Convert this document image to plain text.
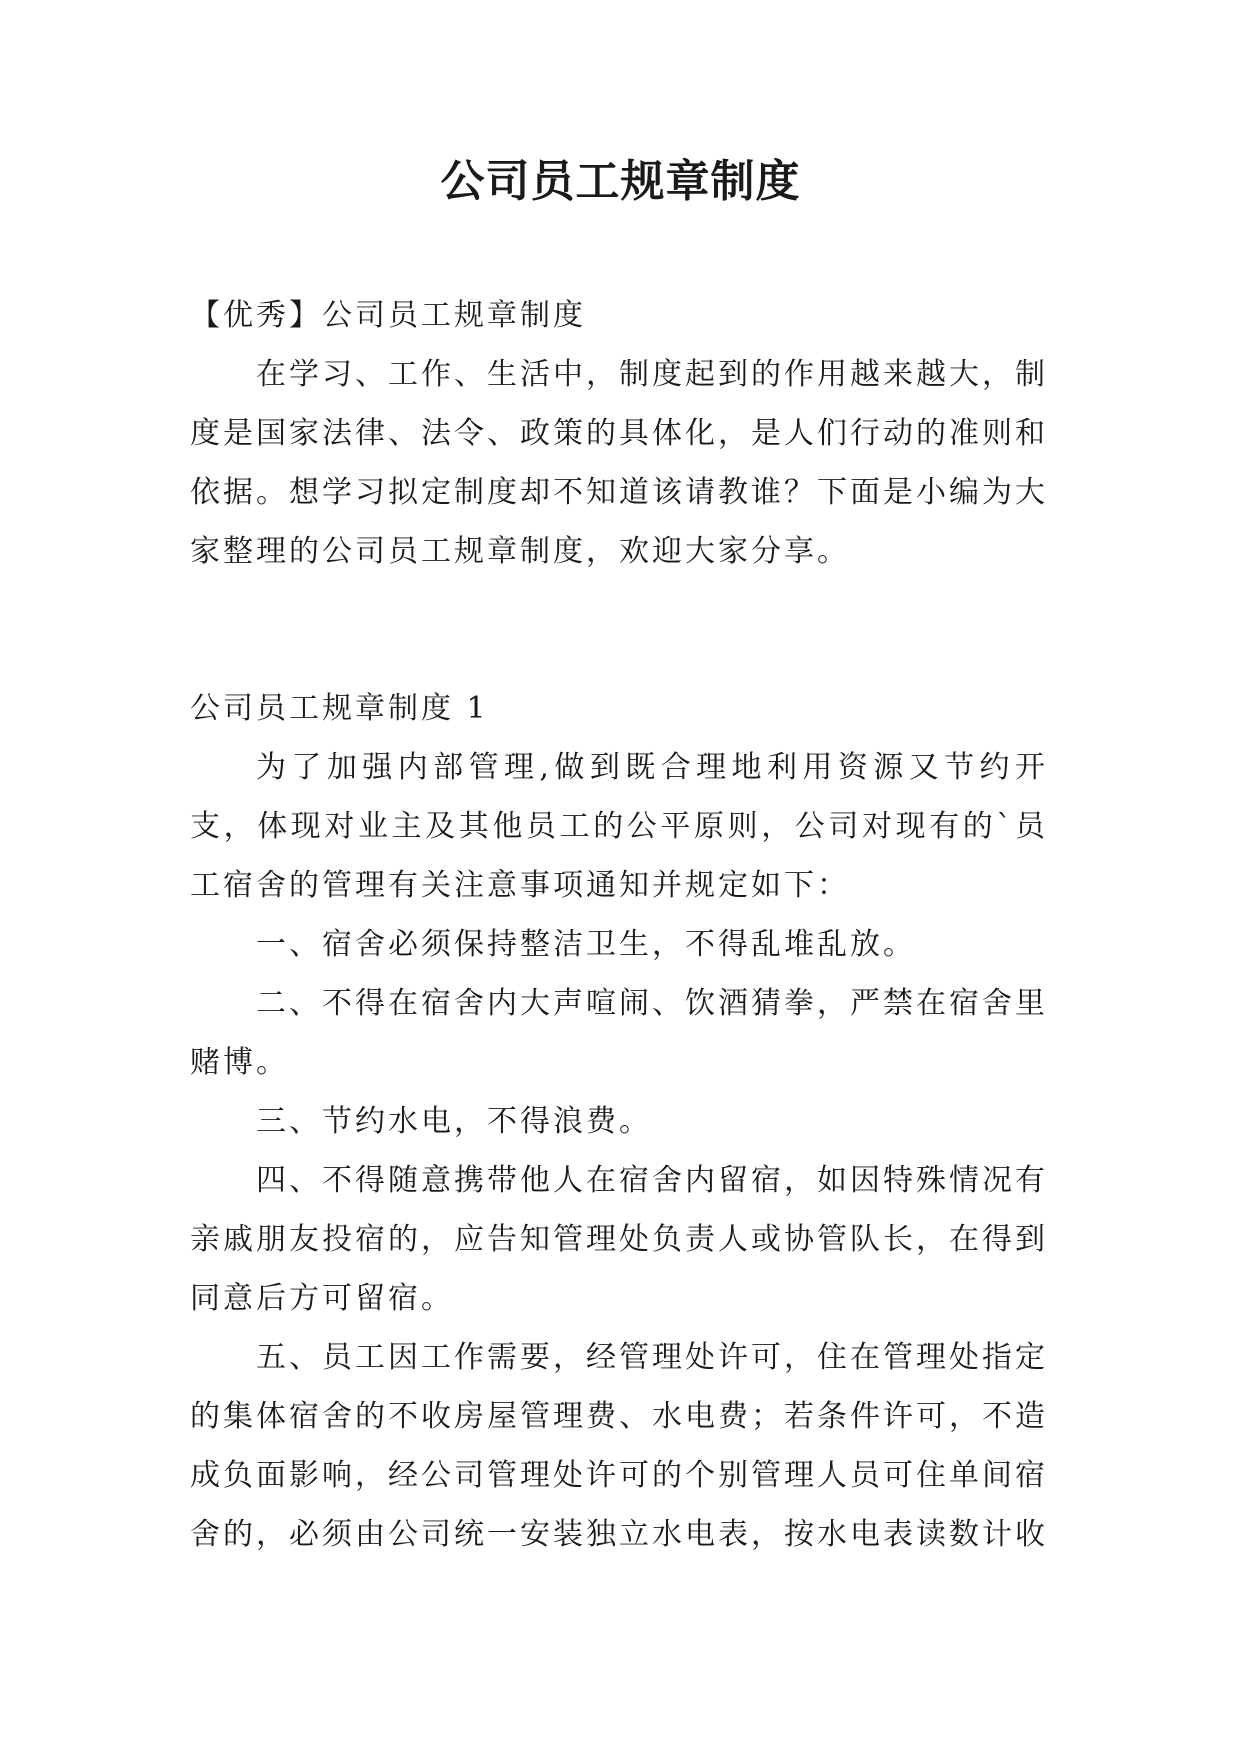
公司员工规章制度

【优秀】公司员工规章制度

在学习、工作、生活中，制度起到的作用越来越大，制度是国家法律、法令、政策的具体化，是人们行动的准则和依据。想学习拟定制度却不知道该请教谁？下面是小编为大家整理的公司员工规章制度，欢迎大家分享。

公司员工规章制度 1

为了加强内部管理,做到既合理地利用资源又节约开支，体现对业主及其他员工的公平原则，公司对现有的`员工宿舍的管理有关注意事项通知并规定如下：

一、宿舍必须保持整洁卫生，不得乱堆乱放。

二、不得在宿舍内大声喧闹、饮酒猜拳，严禁在宿舍里赌博。

三、节约水电，不得浪费。

四、不得随意携带他人在宿舍内留宿，如因特殊情况有亲戚朋友投宿的，应告知管理处负责人或协管队长，在得到同意后方可留宿。

五、员工因工作需要，经管理处许可，住在管理处指定的集体宿舍的不收房屋管理费、水电费；若条件许可，不造成负面影响，经公司管理处许可的个别管理人员可住单间宿舍的，必须由公司统一安装独立水电表，按水电表读数计收
